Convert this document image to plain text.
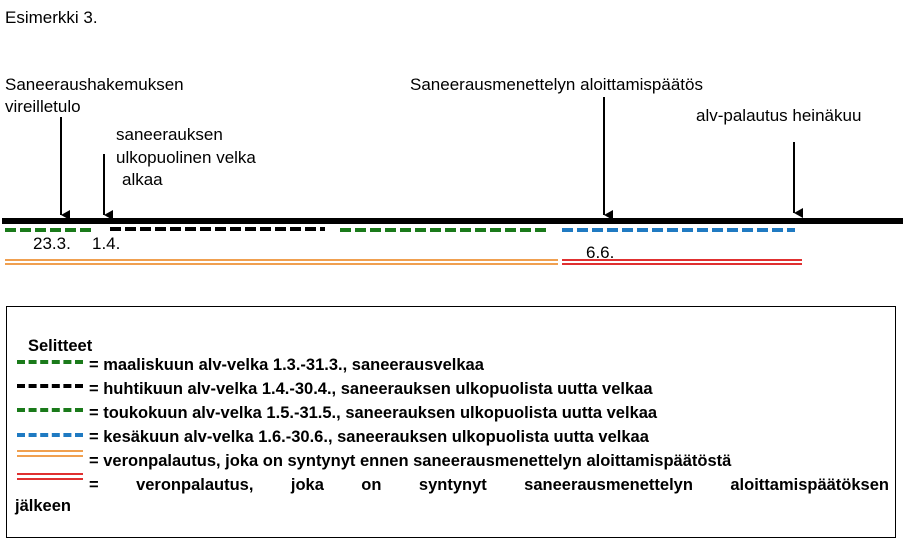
Esimerkki 3.
Saneeraushakemuksen
vireilletulo
saneerauksen
ulkopuolinen velka
alkaa
Saneerausmenettelyn aloittamispäätös
alv-palautus heinäkuu
23.3. 1.4.	6.6.
Selitteet
= maaliskuun alv-velka 1.3.-31.3., saneerausvelkaa
= huhtikuun alv-velka 1.4.-30.4., saneerauksen ulkopuolista uutta velkaa
= toukokuun alv-velka 1.5.-31.5., saneerauksen ulkopuolista uutta velkaa
= kesäkuun alv-velka 1.6.-30.6., saneerauksen ulkopuolista uutta velkaa
= veronpalautus, joka on syntynyt ennen saneerausmenettelyn aloittamispäätöstä
= veronpalautus, joka on syntynyt saneerausmenettelyn aloittamispäätöksen
jälkeen
